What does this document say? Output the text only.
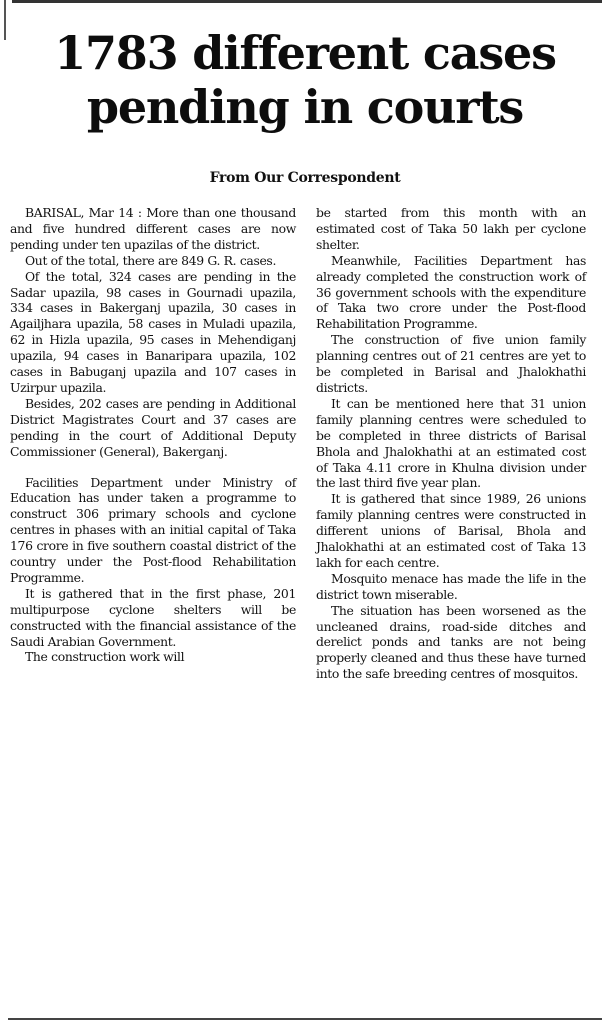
1783 different cases
pending in courts
From Our Correspondent

BARISAL, Mar 14 : More than one thousand and five hundred different cases are now pending under ten upazilas of the district.

Out of the total, there are 849 G. R. cases.

Of the total, 324 cases are pending in the Sadar upazila, 98 cases in Gournadi upazila, 334 cases in Bakerganj upazila, 30 cases in Agailjhara upazila, 58 cases in Muladi upazila, 62 in Hizla upazila, 95 cases in Mehendiganj upazila, 94 cases in Banaripara upazila, 102 cases in Babuganj upazila and 107 cases in Uzirpur upazila.

Besides, 202 cases are pending in Additional District Magistrates Court and 37 cases are pending in the court of Additional Deputy Commissioner (General), Bakerganj.

Facilities Department under Ministry of Education has under taken a programme to construct 306 primary schools and cyclone centres in phases with an initial capital of Taka 176 crore in five southern coastal district of the country under the Post-flood Rehabilitation Programme.

It is gathered that in the first phase, 201 multipurpose cyclone shelters will be constructed with the financial assistance of the Saudi Arabian Government.

The construction work will

be started from this month with an estimated cost of Taka 50 lakh per cyclone shelter.

Meanwhile, Facilities Department has already completed the construction work of 36 government schools with the expenditure of Taka two crore under the Post-flood Rehabilitation Programme.

The construction of five union family planning centres out of 21 centres are yet to be completed in Barisal and Jhalokhathi districts.

It can be mentioned here that 31 union family planning centres were scheduled to be completed in three districts of Barisal Bhola and Jhalokhathi at an estimated cost of Taka 4.11 crore in Khulna division under the last third five year plan.

It is gathered that since 1989, 26 unions family planning centres were constructed in different unions of Barisal, Bhola and Jhalokhathi at an estimated cost of Taka 13 lakh for each centre.

Mosquito menace has made the life in the district town miserable.

The situation has been worsened as the uncleaned drains, road-side ditches and derelict ponds and tanks are not being properly cleaned and thus these have turned into the safe breeding centres of mosquitos.
